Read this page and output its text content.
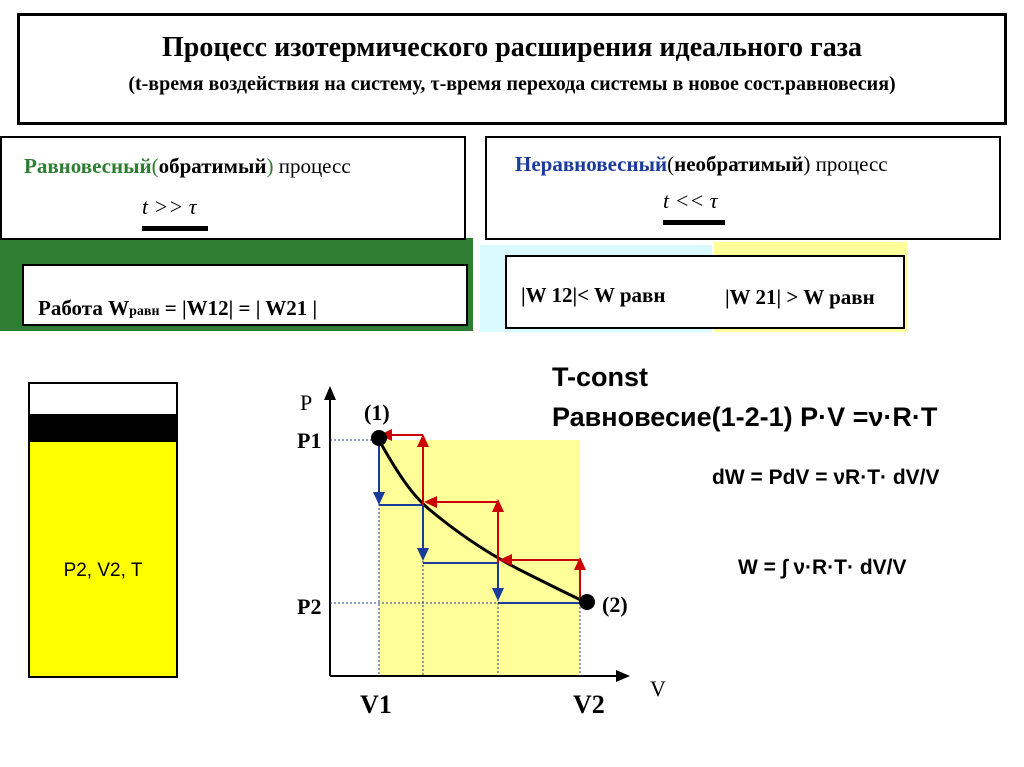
Процесс изотермического расширения идеального газа
(t-время воздействия на систему, τ-время перехода системы в новое сост.равновесия)
Равновесный(обратимый) процесс
t >> τ
Неравновесный(необратимый) процесс
t << τ
Работа Wравн = |W12| = | W21 |
|W 12|< W равн	|W 21| > W равн
P2, V2, T
P
V
P1
P2
V1	V2
(1)
(2)
T-const
Равновесие(1-2-1) P·V =ν·R·T
dW = PdV = νR·T· dV/V
W = ∫ ν·R·T· dV/V
